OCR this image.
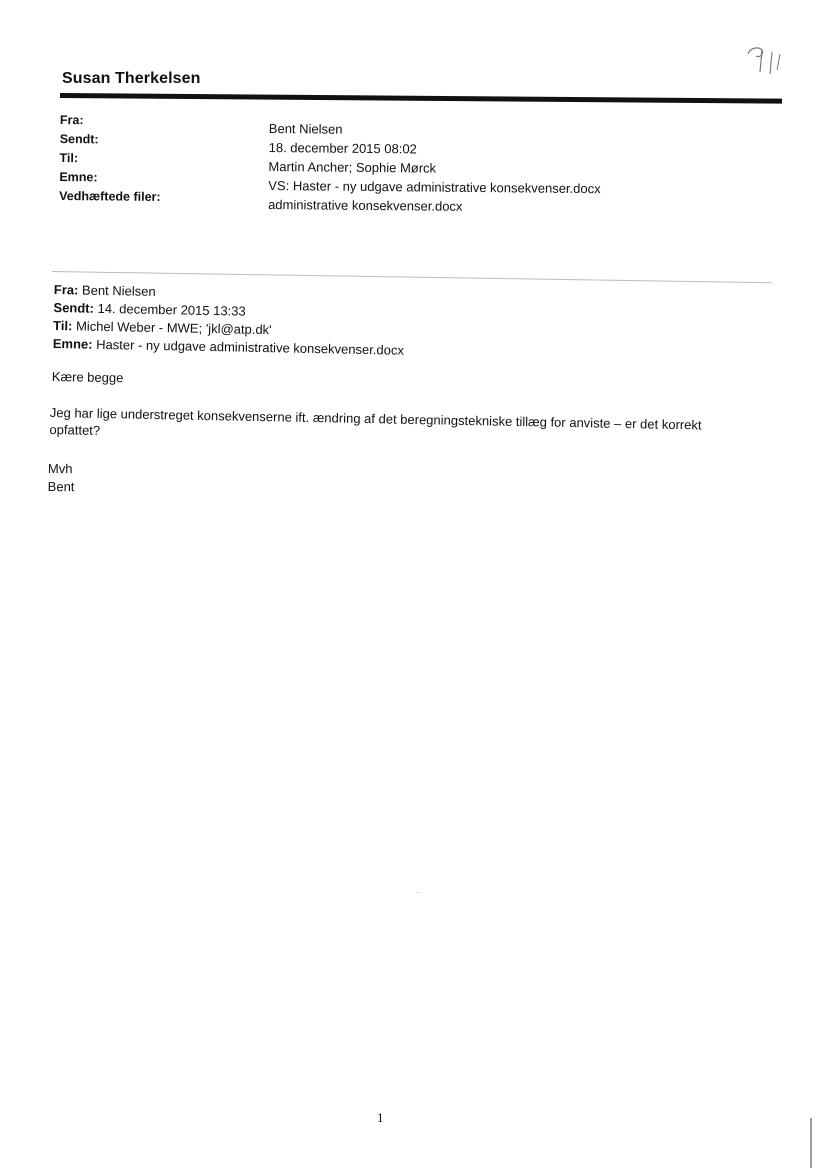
Susan Therkelsen
Fra:
Sendt:
Til:
Emne:
Vedhæftede filer:
Bent Nielsen
18. december 2015 08:02
Martin Ancher; Sophie Mørck
VS: Haster - ny udgave administrative konsekvenser.docx
administrative konsekvenser.docx
Fra: Bent Nielsen
Sendt: 14. december 2015 13:33
Til: Michel Weber - MWE; 'jkl@atp.dk'
Emne: Haster - ny udgave administrative konsekvenser.docx
Kære begge
Jeg har lige understreget konsekvenserne ift. ændring af det beregningstekniske tillæg for anviste – er det korrekt opfattet?
Mvh
Bent
1
